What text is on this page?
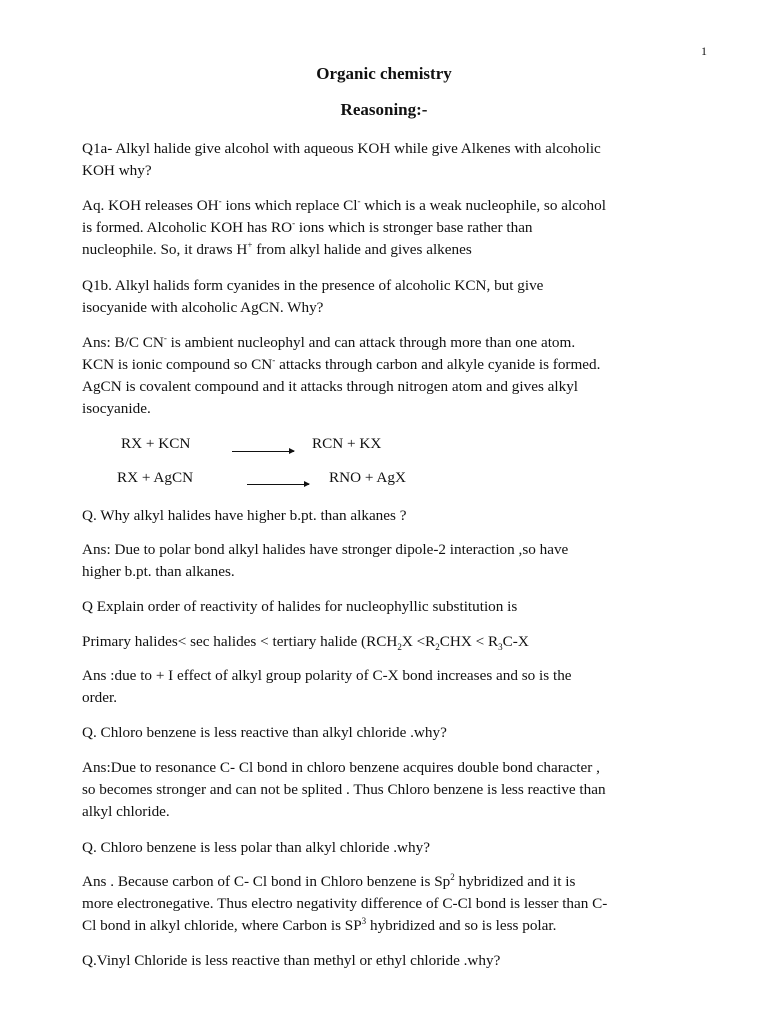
1
Organic chemistry
Reasoning:-
Q1a- Alkyl halide give alcohol with aqueous KOH while give Alkenes with alcoholic
KOH why?
Aq. KOH releases OH- ions which replace Cl- which is a weak nucleophile, so alcohol
is formed. Alcoholic KOH has RO- ions which is stronger base rather than
nucleophile. So, it draws H+ from alkyl halide and gives alkenes
Q1b. Alkyl halids form cyanides in the presence of alcoholic KCN, but give
isocyanide with alcoholic AgCN. Why?
Ans: B/C CN- is ambient nucleophyl and can attack through more than one atom.
KCN is ionic compound so CN- attacks through carbon and alkyle cyanide is formed.
AgCN is covalent compound and it attacks through nitrogen atom and gives alkyl
isocyanide.
RX + KCN	→ RCN + KX
RX + AgCN	→ RNO + AgX
Q. Why alkyl halides have higher b.pt. than alkanes ?
Ans: Due to polar bond alkyl halides have stronger dipole-2 interaction ,so have
higher b.pt. than alkanes.
Q Explain order of reactivity of halides for nucleophyllic substitution is
Primary halides< sec halides < tertiary halide ($RCH_2X <R_2CHX < R_3C-X$
Ans :due to + I effect of alkyl group polarity of C-X bond increases and so is the
order.
Q. Chloro benzene is less reactive than alkyl chloride .why?
Ans:Due to resonance C- Cl bond in chloro benzene acquires double bond character ,
so becomes stronger and can not be splited . Thus Chloro benzene is less reactive than
alkyl chloride.
Q. Chloro benzene is less polar than alkyl chloride .why?
Ans . Because carbon of C- Cl bond in Chloro benzene is Sp$^2$ hybridized and it is
more electronegative. Thus electro negativity difference of C-Cl bond is lesser than C-
Cl bond in alkyl chloride, where Carbon is $SP^3$ hybridized and so is less polar.
Q.Vinyl Chloride is less reactive than methyl or ethyl chloride .why?
